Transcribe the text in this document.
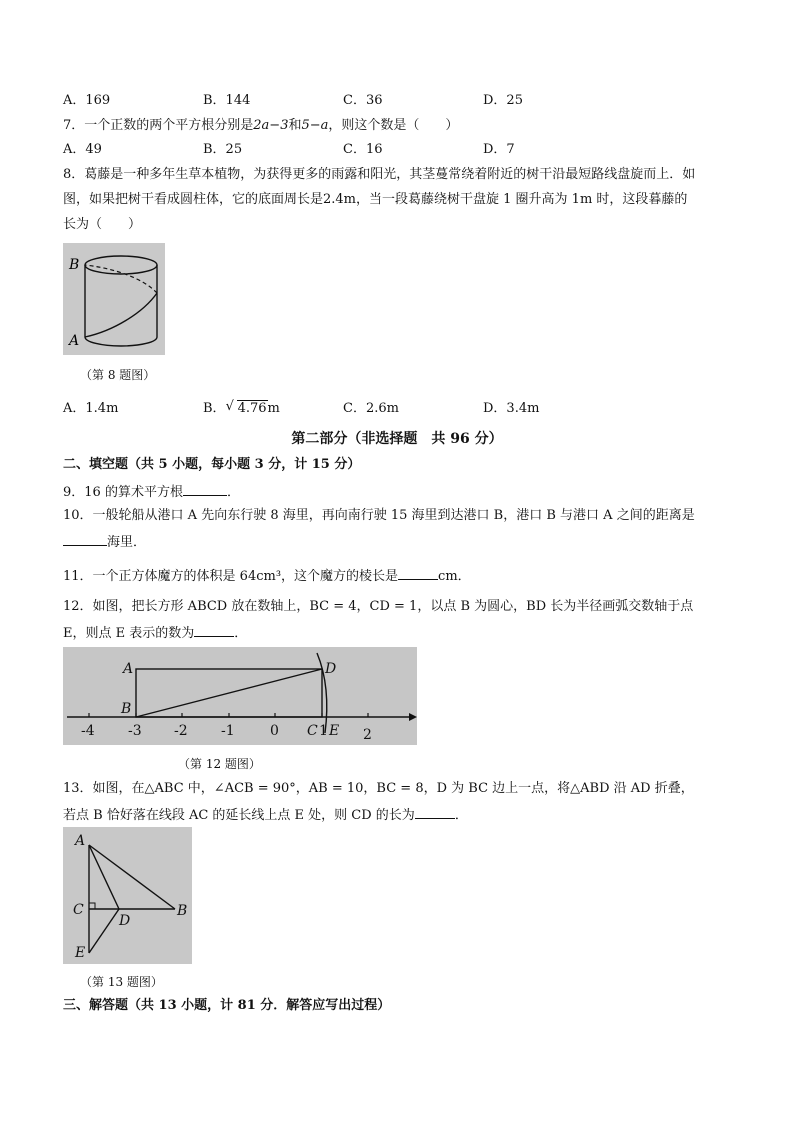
A．169	B．144	C．36	D．25
7．一个正数的两个平方根分别是2a−3和5−a，则这个数是（　　）
A．49	B．25	C．16	D．7
8．葛藤是一种多年生草本植物，为获得更多的雨露和阳光，其茎蔓常绕着附近的树干沿最短路线盘旋而上．如
图，如果把树干看成圆柱体，它的底面周长是2.4m，当一段葛藤绕树干盘旋 1 圈升高为 1m 时，这段暮藤的
长为（　　）
B
A
（第 8 题图）
A．1.4m	B． √ 4.76m	C．2.6m	D．3.4m
第二部分（非选择题　共 96 分）
二、填空题（共 5 小题，每小题 3 分，计 15 分）
9．16 的算术平方根	．
10．一般轮船从港口 A 先向东行驶 8 海里，再向南行驶 15 海里到达港口 B，港口 B 与港口 A 之间的距离是
海里．
11．一个正方体魔方的体积是 64cm³，这个魔方的棱长是	cm．
12．如图，把长方形 ABCD 放在数轴上，BC = 4，CD = 1，以点 B 为圆心，BD 长为半径画弧交数轴于点
E，则点 E 表示的数为	．
-4 -3 -2 -1	0	1	2
A
B
C
D
E
（第 12 题图）
13．如图，在△ABC 中，∠ACB = 90°，AB = 10，BC = 8，D 为 BC 边上一点，将△ABD 沿 AD 折叠，
若点 B 恰好落在线段 AC 的延长线上点 E 处，则 CD 的长为	．
A
C
D
B
E
（第 13 题图）
三、解答题（共 13 小题，计 81 分．解答应写出过程）
